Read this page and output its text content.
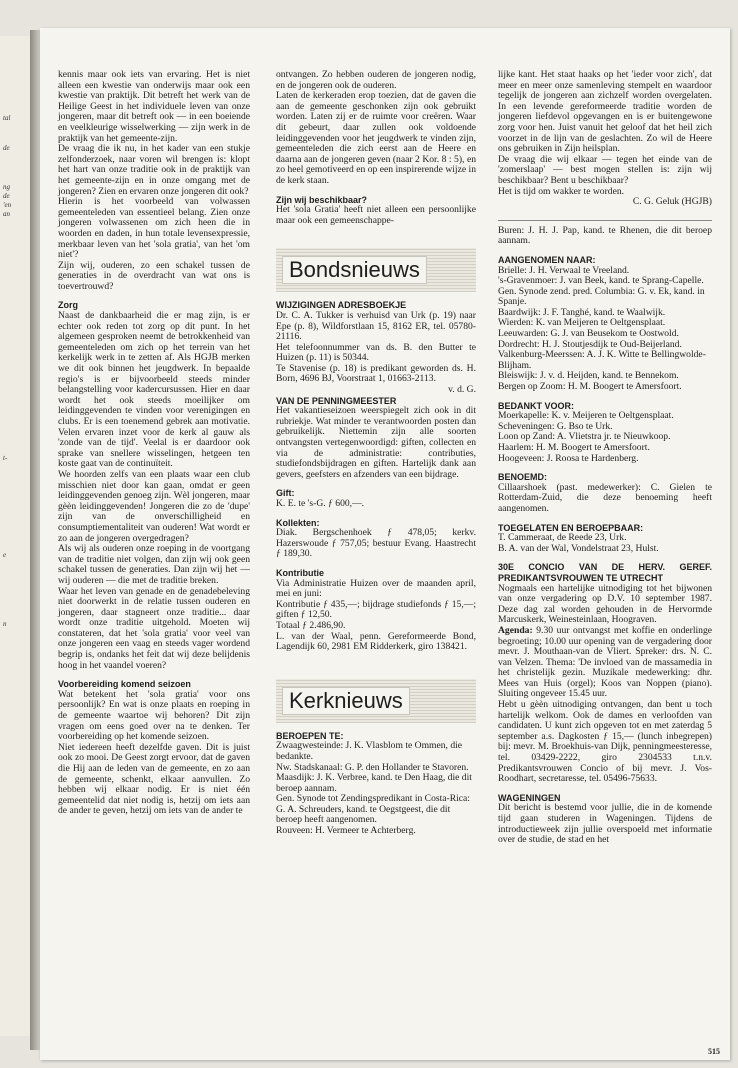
tal
de
ng
de
'en
an
t-
e
n

kennis maar ook iets van ervaring. Het is niet alleen een kwestie van onderwijs maar ook een kwestie van praktijk. Dit betreft het werk van de Heilige Geest in het individuele leven van onze jongeren, maar dit betreft ook — in een boeiende en veelkleurige wisselwerking — zijn werk in de praktijk van het gemeente-zijn.

De vraag die ik nu, in het kader van een stukje zelfonderzoek, naar voren wil brengen is: klopt het hart van onze traditie ook in de praktijk van het gemeente-zijn en in onze omgang met de jongeren? Zien en ervaren onze jongeren dit ook?

Hierin is het voorbeeld van volwassen gemeenteleden van essentieel belang. Zien onze jongeren volwassenen om zich heen die in woorden en daden, in hun totale levensexpressie, merkbaar leven van het 'sola gratia', van het 'om niet'?

Zijn wij, ouderen, zo een schakel tussen de generaties in de overdracht van wat ons is toevertrouwd?

Zorg

Naast de dankbaarheid die er mag zijn, is er echter ook reden tot zorg op dit punt. In het algemeen gesproken neemt de betrokkenheid van gemeenteleden om zich op het terrein van het kerkelijk werk in te zetten af. Als HGJB merken we dit ook binnen het jeugdwerk. In bepaalde regio's is er bijvoorbeeld steeds minder belangstelling voor kadercursussen. Hier en daar wordt het ook steeds moeilijker om leidinggevenden te vinden voor verenigingen en clubs. Er is een toenemend gebrek aan motivatie. Velen ervaren inzet voor de kerk al gauw als 'zonde van de tijd'. Veelal is er daardoor ook sprake van snellere wisselingen, hetgeen ten koste gaat van de continuïteit.

We hoorden zelfs van een plaats waar een club misschien niet door kan gaan, omdat er geen leidinggevenden genoeg zijn. Wèl jongeren, maar gèèn leidinggevenden! Jongeren die zo de 'dupe' zijn van de onverschilligheid en consumptiementaliteit van ouderen! Wat wordt er zo aan de jongeren overgedragen?

Als wij als ouderen onze roeping in de voortgang van de traditie niet volgen, dan zijn wij ook geen schakel tussen de generaties. Dan zijn wij het — wij ouderen — die met de traditie breken.

Waar het leven van genade en de genadebeleving niet doorwerkt in de relatie tussen ouderen en jongeren, daar stagneert onze traditie... daar wordt onze traditie uitgehold. Moeten wij constateren, dat het 'sola gratia' voor veel van onze jongeren een vaag en steeds vager wordend begrip is, ondanks het feit dat wij deze belijdenis hoog in het vaandel voeren?

Voorbereiding komend seizoen

Wat betekent het 'sola gratia' voor ons persoonlijk? En wat is onze plaats en roeping in de gemeente waartoe wij behoren? Dit zijn vragen om eens goed over na te denken. Ter voorbereiding op het komende seizoen.

Niet iedereen heeft dezelfde gaven. Dit is juist ook zo mooi. De Geest zorgt ervoor, dat de gaven die Hij aan de leden van de gemeente, en zo aan de gemeente, schenkt, elkaar aanvullen. Zo hebben wij elkaar nodig. Er is niet één gemeentelid dat niet nodig is, hetzij om iets aan de ander te geven, hetzij om iets van de ander te

ontvangen. Zo hebben ouderen de jongeren nodig, en de jongeren ook de ouderen.

Laten de kerkeraden erop toezien, dat de gaven die aan de gemeente geschonken zijn ook gebruikt worden. Laten zij er de ruimte voor creëren. Waar dit gebeurt, daar zullen ook voldoende leidinggevenden voor het jeugdwerk te vinden zijn, gemeenteleden die zich eerst aan de Heere en daarna aan de jongeren geven (naar 2 Kor. 8 : 5), en zo heel gemotiveerd en op een inspirerende wijze in de kerk staan.

Zijn wij beschikbaar?

Het 'sola Gratia' heeft niet alleen een persoonlijke maar ook een gemeenschappe-

Bondsnieuws

WIJZIGINGEN ADRESBOEKJE

Dr. C. A. Tukker is verhuisd van Urk (p. 19) naar Epe (p. 8), Wildforstlaan 15, 8162 ER, tel. 05780-21116.

Het telefoonnummer van ds. B. den Butter te Huizen (p. 11) is 50344.

Te Stavenise (p. 18) is predikant geworden ds. H. Born, 4696 BJ, Voorstraat 1, 01663-2113.

v. d. G.

VAN DE PENNINGMEESTER

Het vakantieseizoen weerspiegelt zich ook in dit rubriekje. Wat minder te verantwoorden posten dan gebruikelijk. Niettemin zijn alle soorten ontvangsten vertegenwoordigd: giften, collecten en via de administratie: contributies, studiefondsbijdragen en giften. Hartelijk dank aan gevers, geefsters en afzenders van een bijdrage.

Gift:

K. E. te 's-G. ƒ 600,—.

Kollekten:

Diak. Bergschenhoek ƒ 478,05; kerkv. Hazerswoude ƒ 757,05; bestuur Evang. Haastrecht ƒ 189,30.

Kontributie

Via Administratie Huizen over de maanden april, mei en juni:

Kontributie ƒ 435,—; bijdrage studiefonds ƒ 15,—; giften ƒ 12,50.

Totaal ƒ 2.486,90.

L. van der Waal, penn. Gereformeerde Bond, Lagendijk 60, 2981 EM Ridderkerk, giro 138421.

Kerknieuws

BEROEPEN TE:

Zwaagwesteinde: J. K. Vlasblom te Ommen, die bedankte.
Nw. Stadskanaal: G. P. den Hollander te Stavoren.
Maasdijk: J. K. Verbree, kand. te Den Haag, die dit beroep aannam.
Gen. Synode tot Zendingspredikant in Costa-Rica: G. A. Schreuders, kand. te Oegstgeest, die dit beroep heeft aangenomen.
Rouveen: H. Vermeer te Achterberg.

lijke kant. Het staat haaks op het 'ieder voor zich', dat meer en meer onze samenleving stempelt en waardoor tegelijk de jongeren aan zichzelf worden overgelaten. In een levende gereformeerde traditie worden de jongeren liefdevol opgevangen en is er buitengewone zorg voor hen. Juist vanuit het geloof dat het heil zich voorzet in de lijn van de geslachten. Zo wil de Heere ons gebruiken in Zijn heilsplan.

De vraag die wij elkaar — tegen het einde van de 'zomerslaap' — best mogen stellen is: zijn wij beschikbaar? Bent u beschikbaar?

Het is tijd om wakker te worden.

C. G. Geluk (HGJB)

Buren: J. H. J. Pap, kand. te Rhenen, die dit beroep aannam.

AANGENOMEN NAAR:

Brielle: J. H. Verwaal te Vreeland.
's-Gravenmoer: J. van Beek, kand. te Sprang-Capelle.
Gen. Synode zend. pred. Columbia: G. v. Ek, kand. in Spanje.
Baardwijk: J. F. Tanghé, kand. te Waalwijk.
Wierden: K. van Meijeren te Oeltgensplaat.
Leeuwarden: G. J. van Beusekom te Oostwold.
Dordrecht: H. J. Stoutjesdijk te Oud-Beijerland.
Valkenburg-Meerssen: A. J. K. Witte te Bellingwolde-Blijham.
Bleiswijk: J. v. d. Heijden, kand. te Bennekom.
Bergen op Zoom: H. M. Boogert te Amersfoort.

BEDANKT VOOR:

Moerkapelle: K. v. Meijeren te Oeltgensplaat.
Scheveningen: G. Bso te Urk.
Loon op Zand: A. Vlietstra jr. te Nieuwkoop.
Haarlem: H. M. Boogert te Amersfoort.
Hoogeveen: J. Roosa te Hardenberg.

BENOEMD:

Cillaarshoek (past. medewerker): C. Gielen te Rotterdam-Zuid, die deze benoeming heeft aangenomen.

TOEGELATEN EN BEROEPBAAR:

T. Cammeraat, de Reede 23, Urk.
B. A. van der Wal, Vondelstraat 23, Hulst.

30E CONCIO VAN DE HERV. GEREF. PREDIKANTSVROUWEN TE UTRECHT

Nogmaals een hartelijke uitnodiging tot het bijwonen van onze vergadering op D.V. 10 september 1987. Deze dag zal worden gehouden in de Hervormde Marcuskerk, Weinesteinlaan, Hoograven.

Agenda: 9.30 uur ontvangst met koffie en onderlinge begroeting; 10.00 uur opening van de vergadering door mevr. J. Mouthaan-van de Vliert. Spreker: drs. N. C. van Velzen. Thema: 'De invloed van de massamedia in het christelijk gezin. Muzikale medewerking: dhr. Mees van Huis (orgel); Koos van Noppen (piano). Sluiting ongeveer 15.45 uur.

Hebt u gèèn uitnodiging ontvangen, dan bent u toch hartelijk welkom. Ook de dames en verloofden van candidaten. U kunt zich opgeven tot en met zaterdag 5 september a.s. Dagkosten ƒ 15,— (lunch inbegrepen) bij: mevr. M. Broekhuis-van Dijk, penningmeesteresse, tel. 03429-2222, giro 2304533 t.n.v. Predikantsvrouwen Concio of bij mevr. J. Vos-Roodhart, secretaresse, tel. 05496-75633.

WAGENINGEN

Dit bericht is bestemd voor jullie, die in de komende tijd gaan studeren in Wageningen. Tijdens de introductieweek zijn jullie overspoeld met informatie over de studie, de stad en het

515
